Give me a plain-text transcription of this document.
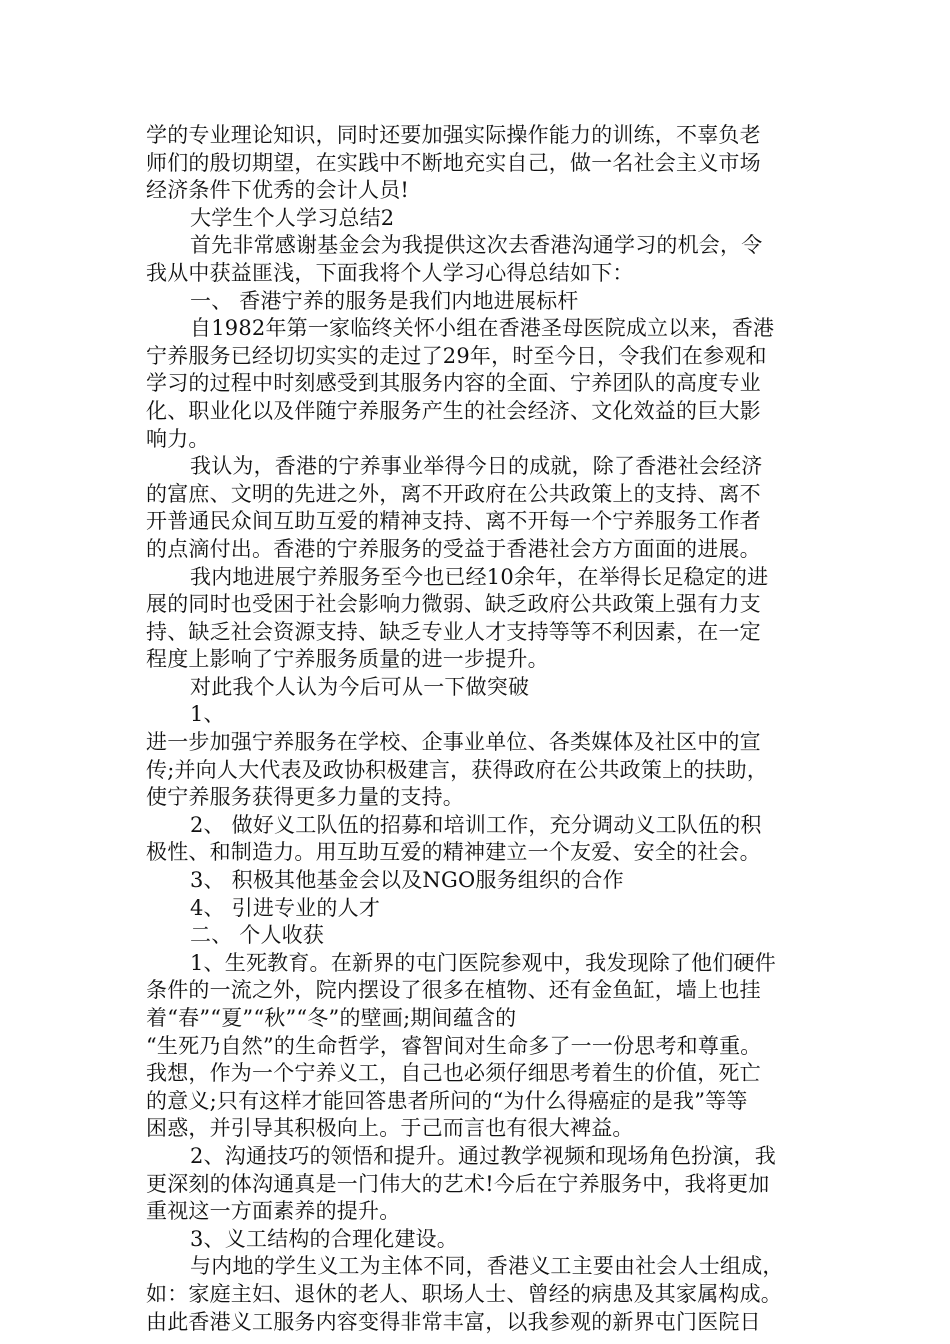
学的专业理论知识，同时还要加强实际操作能力的训练，不辜负老
师们的殷切期望，在实践中不断地充实自己，做一名社会主义市场
经济条件下优秀的会计人员!
大学生个人学习总结2
首先非常感谢基金会为我提供这次去香港沟通学习的机会，令
我从中获益匪浅，下面我将个人学习心得总结如下：
一、 香港宁养的服务是我们内地进展标杆
自1982年第一家临终关怀小组在香港圣母医院成立以来，香港
宁养服务已经切切实实的走过了29年，时至今日，令我们在参观和
学习的过程中时刻感受到其服务内容的全面、宁养团队的高度专业
化、职业化以及伴随宁养服务产生的社会经济、文化效益的巨大影
响力。
我认为，香港的宁养事业举得今日的成就，除了香港社会经济
的富庶、文明的先进之外，离不开政府在公共政策上的支持、离不
开普通民众间互助互爱的精神支持、离不开每一个宁养服务工作者
的点滴付出。香港的宁养服务的受益于香港社会方方面面的进展。
我内地进展宁养服务至今也已经10余年，在举得长足稳定的进
展的同时也受困于社会影响力微弱、缺乏政府公共政策上强有力支
持、缺乏社会资源支持、缺乏专业人才支持等等不利因素，在一定
程度上影响了宁养服务质量的进一步提升。
对此我个人认为今后可从一下做突破
1、
进一步加强宁养服务在学校、企事业单位、各类媒体及社区中的宣
传;并向人大代表及政协积极建言，获得政府在公共政策上的扶助，
使宁养服务获得更多力量的支持。
2、 做好义工队伍的招募和培训工作，充分调动义工队伍的积
极性、和制造力。用互助互爱的精神建立一个友爱、安全的社会。
3、 积极其他基金会以及NGO服务组织的合作
4、 引进专业的人才
二、 个人收获
1、生死教育。在新界的屯门医院参观中，我发现除了他们硬件
条件的一流之外，院内摆设了很多在植物、还有金鱼缸，墙上也挂
着“春”“夏”“秋”“冬”的壁画;期间蕴含的
“生死乃自然”的生命哲学，睿智间对生命多了一一份思考和尊重。
我想，作为一个宁养义工，自己也必须仔细思考着生的价值，死亡
的意义;只有这样才能回答患者所问的“为什么得癌症的是我”等等
困惑，并引导其积极向上。于己而言也有很大裨益。
2、沟通技巧的领悟和提升。通过教学视频和现场角色扮演，我
更深刻的体沟通真是一门伟大的艺术!今后在宁养服务中，我将更加
重视这一方面素养的提升。
3、义工结构的合理化建设。
与内地的学生义工为主体不同，香港义工主要由社会人士组成，
如：家庭主妇、退休的老人、职场人士、曾经的病患及其家属构成。
由此香港义工服务内容变得非常丰富，以我参观的新界屯门医院日
